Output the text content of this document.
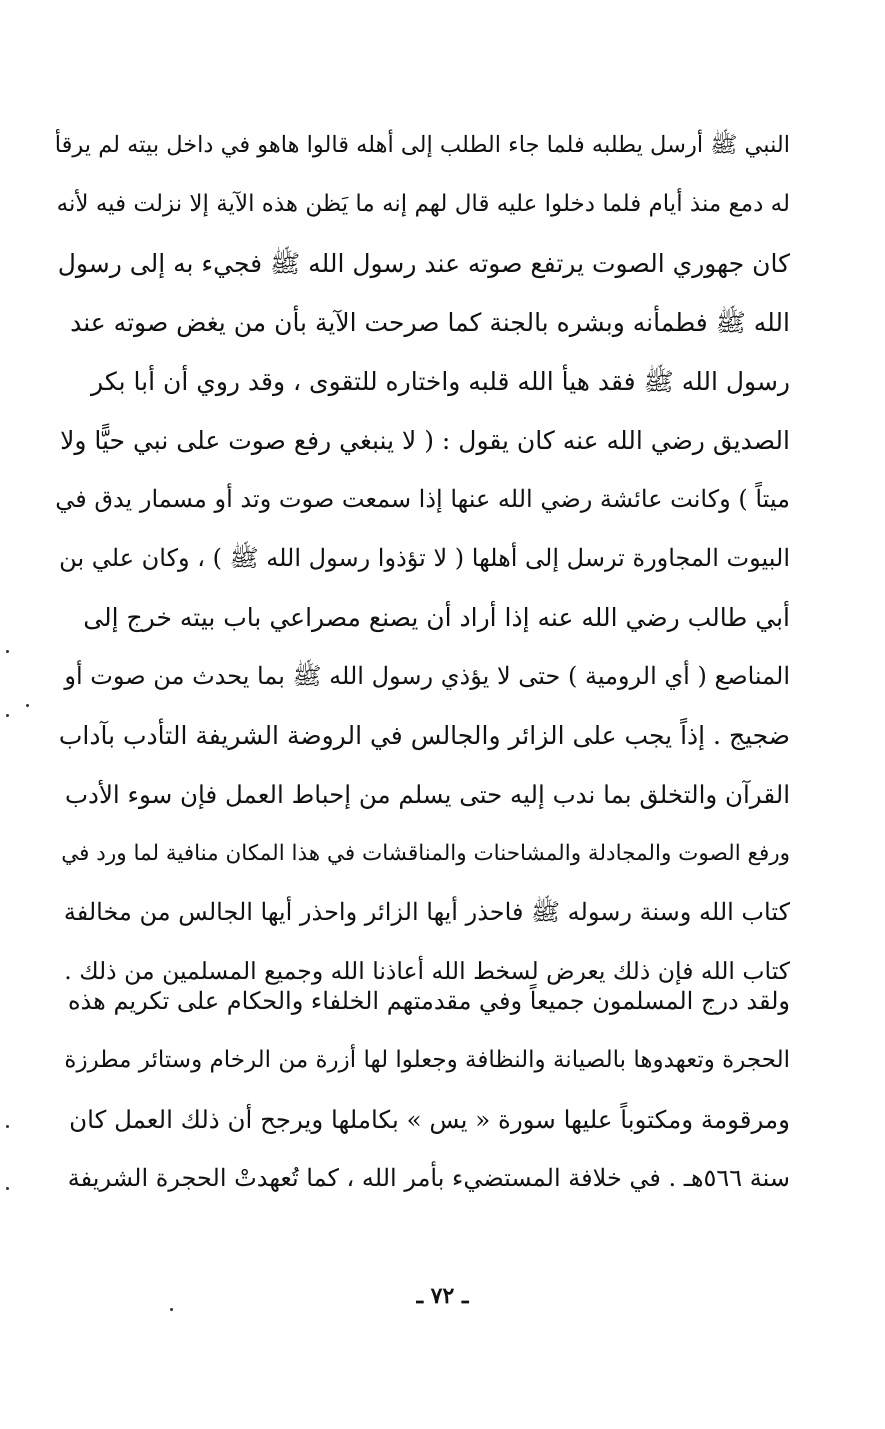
النبي ﷺ أرسل يطلبه فلما جاء الطلب إلى أهله قالوا هاهو في داخل بيته لم يرقأ
له دمع منذ أيام فلما دخلوا عليه قال لهم إنه ما يَظن هذه الآية إلا نزلت فيه لأنه
كان جهوري الصوت يرتفع صوته عند رسول الله ﷺ فجيء به إلى رسول
الله ﷺ فطمأنه وبشره بالجنة كما صرحت الآية بأن من يغض صوته عند
رسول الله ﷺ فقد هيأ الله قلبه واختاره للتقوى ، وقد روي أن أبا بكر
الصديق رضي الله عنه كان يقول : ( لا ينبغي رفع صوت على نبي حيًّا ولا
ميتاً ) وكانت عائشة رضي الله عنها إذا سمعت صوت وتد أو مسمار يدق في
البيوت المجاورة ترسل إلى أهلها ( لا تؤذوا رسول الله ﷺ ) ، وكان علي بن
أبي طالب رضي الله عنه إذا أراد أن يصنع مصراعي باب بيته خرج إلى
المناصع ( أي الرومية ) حتى لا يؤذي رسول الله ﷺ بما يحدث من صوت أو
ضجيج . إذاً يجب على الزائر والجالس في الروضة الشريفة التأدب بآداب
القرآن والتخلق بما ندب إليه حتى يسلم من إحباط العمل فإن سوء الأدب
ورفع الصوت والمجادلة والمشاحنات والمناقشات في هذا المكان منافية لما ورد في
كتاب الله وسنة رسوله ﷺ فاحذر أيها الزائر واحذر أيها الجالس من مخالفة
كتاب الله فإن ذلك يعرض لسخط الله أعاذنا الله وجميع المسلمين من ذلك .
ولقد درج المسلمون جميعاً وفي مقدمتهم الخلفاء والحكام على تكريم هذه
الحجرة وتعهدوها بالصيانة والنظافة وجعلوا لها أزرة من الرخام وستائر مطرزة
ومرقومة ومكتوباً عليها سورة « يس » بكاملها ويرجح أن ذلك العمل كان
سنة ٥٦٦هـ . في خلافة المستضيء بأمر الله ، كما تُعهدتْ الحجرة الشريفة
ـ ٧٢ ـ
